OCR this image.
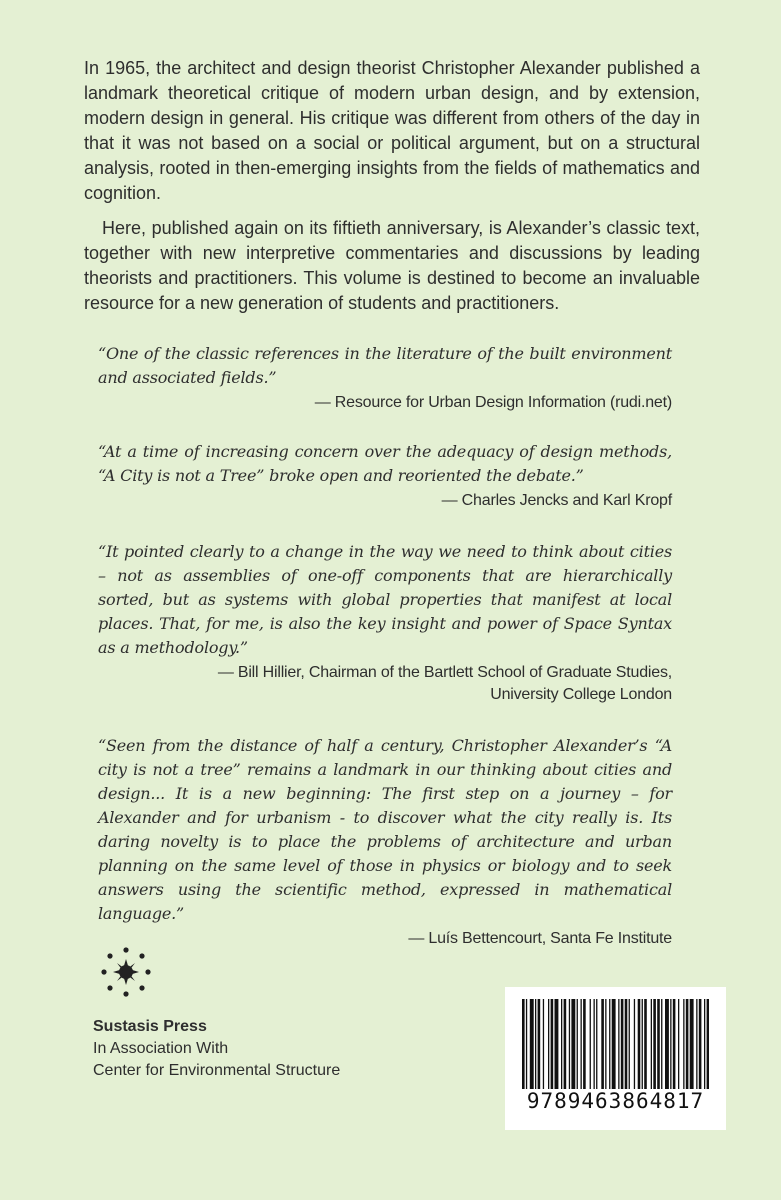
In 1965, the architect and design theorist Christopher Alexander published a landmark theoretical critique of modern urban design, and by extension, modern design in general. His critique was different from others of the day in that it was not based on a social or political argument, but on a structural analysis, rooted in then-emerging insights from the fields of mathematics and cognition.

Here, published again on its fiftieth anniversary, is Alexander’s classic text, together with new interpretive commentaries and discussions by leading theorists and practitioners. This volume is destined to become an invaluable resource for a new generation of students and practitioners.

“One of the classic references in the literature of the built environment and associated fields.”

— Resource for Urban Design Information (rudi.net)

“At a time of increasing concern over the adequacy of design methods, “A City is not a Tree” broke open and reoriented the debate.”

— Charles Jencks and Karl Kropf

“It pointed clearly to a change in the way we need to think about cities – not as assemblies of one-off components that are hierarchically sorted, but as systems with global properties that manifest at local places. That, for me, is also the key insight and power of Space Syntax as a methodology.”

— Bill Hillier, Chairman of the Bartlett School of Graduate Studies,
University College London

“Seen from the distance of half a century, Christopher Alexander’s “A city is not a tree” remains a landmark in our thinking about cities and design... It is a new beginning: The first step on a journey – for Alexander and for urbanism - to discover what the city really is. Its daring novelty is to place the problems of architecture and urban planning on the same level of those in physics or biology and to seek answers using the scientific method, expressed in mathematical language.”

— Luís Bettencourt, Santa Fe Institute
Sustasis Press
In Association With
Center for Environmental Structure
9789463864817
